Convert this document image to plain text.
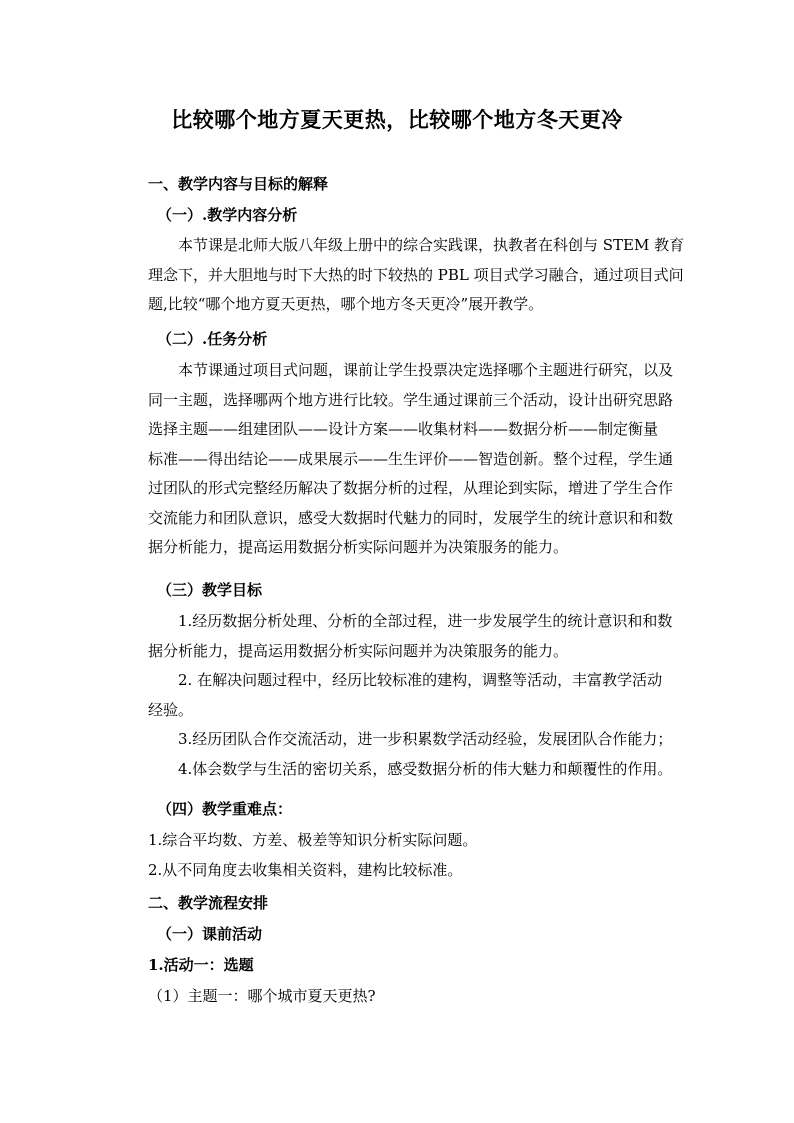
比较哪个地方夏天更热，比较哪个地方冬天更冷
一、教学内容与目标的解释
（一）.教学内容分析
本节课是北师大版八年级上册中的综合实践课，执教者在科创与 STEM 教育
理念下，并大胆地与时下大热的时下较热的 PBL 项目式学习融合，通过项目式问
题,比较“哪个地方夏天更热，哪个地方冬天更冷”展开教学。
（二）.任务分析
本节课通过项目式问题，课前让学生投票决定选择哪个主题进行研究，以及
同一主题，选择哪两个地方进行比较。学生通过课前三个活动，设计出研究思路
选择主题——组建团队——设计方案——收集材料——数据分析——制定衡量
标准——得出结论——成果展示——生生评价——智造创新。整个过程，学生通
过团队的形式完整经历解决了数据分析的过程，从理论到实际，增进了学生合作
交流能力和团队意识，感受大数据时代魅力的同时，发展学生的统计意识和和数
据分析能力，提高运用数据分析实际问题并为决策服务的能力。
（三）教学目标
1.经历数据分析处理、分析的全部过程，进一步发展学生的统计意识和和数
据分析能力，提高运用数据分析实际问题并为决策服务的能力。
2. 在解决问题过程中，经历比较标准的建构，调整等活动，丰富教学活动
经验。
3.经历团队合作交流活动，进一步积累数学活动经验，发展团队合作能力；
4.体会数学与生活的密切关系，感受数据分析的伟大魅力和颠覆性的作用。
（四）教学重难点：
1.综合平均数、方差、极差等知识分析实际问题。
2.从不同角度去收集相关资料，建构比较标准。
二、教学流程安排
（一）课前活动
1.活动一：选题
（1）主题一：哪个城市夏天更热?
